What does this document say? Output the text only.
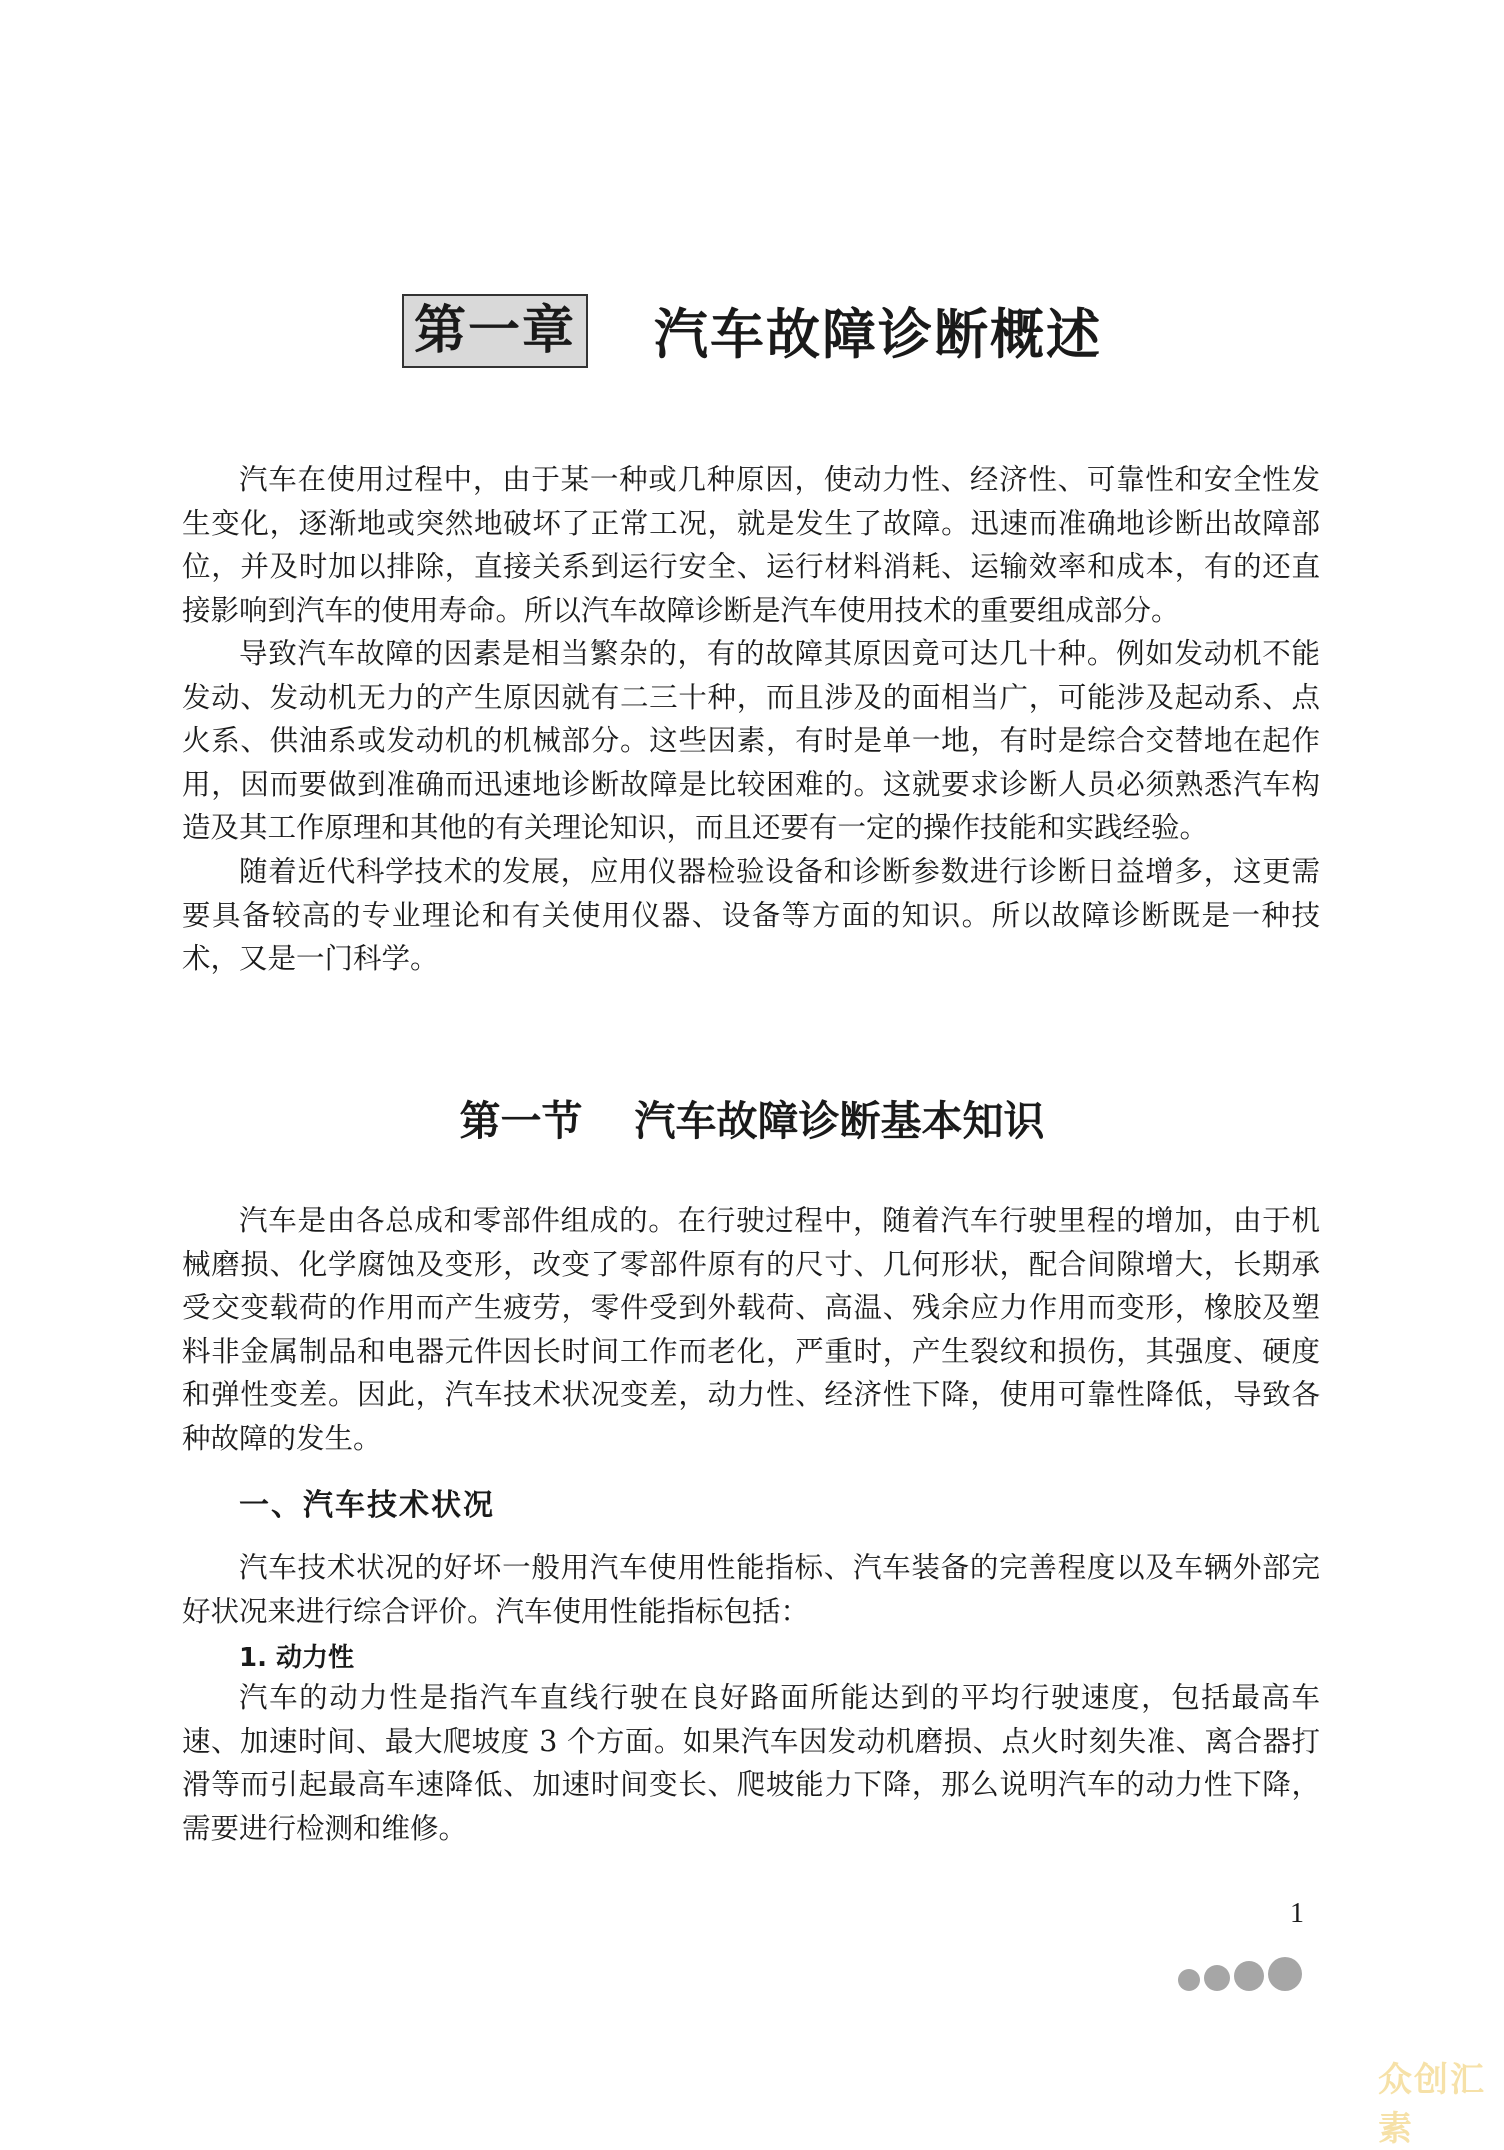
第一章 汽车故障诊断概述

汽车在使用过程中，由于某一种或几种原因，使动力性、经济性、可靠性和安全性发生变化，逐渐地或突然地破坏了正常工况，就是发生了故障。迅速而准确地诊断出故障部位，并及时加以排除，直接关系到运行安全、运行材料消耗、运输效率和成本，有的还直接影响到汽车的使用寿命。所以汽车故障诊断是汽车使用技术的重要组成部分。

导致汽车故障的因素是相当繁杂的，有的故障其原因竟可达几十种。例如发动机不能发动、发动机无力的产生原因就有二三十种，而且涉及的面相当广，可能涉及起动系、点火系、供油系或发动机的机械部分。这些因素，有时是单一地，有时是综合交替地在起作用，因而要做到准确而迅速地诊断故障是比较困难的。这就要求诊断人员必须熟悉汽车构造及其工作原理和其他的有关理论知识，而且还要有一定的操作技能和实践经验。

随着近代科学技术的发展，应用仪器检验设备和诊断参数进行诊断日益增多，这更需要具备较高的专业理论和有关使用仪器、设备等方面的知识。所以故障诊断既是一种技术，又是一门科学。

第一节 汽车故障诊断基本知识

汽车是由各总成和零部件组成的。在行驶过程中，随着汽车行驶里程的增加，由于机械磨损、化学腐蚀及变形，改变了零部件原有的尺寸、几何形状，配合间隙增大，长期承受交变载荷的作用而产生疲劳，零件受到外载荷、高温、残余应力作用而变形，橡胶及塑料非金属制品和电器元件因长时间工作而老化，严重时，产生裂纹和损伤，其强度、硬度和弹性变差。因此，汽车技术状况变差，动力性、经济性下降，使用可靠性降低，导致各种故障的发生。

一、汽车技术状况

汽车技术状况的好坏一般用汽车使用性能指标、汽车装备的完善程度以及车辆外部完好状况来进行综合评价。汽车使用性能指标包括：

1. 动力性

汽车的动力性是指汽车直线行驶在良好路面所能达到的平均行驶速度，包括最高车速、加速时间、最大爬坡度 3 个方面。如果汽车因发动机磨损、点火时刻失准、离合器打滑等而引起最高车速降低、加速时间变长、爬坡能力下降，那么说明汽车的动力性下降，需要进行检测和维修。

1
众创汇素
